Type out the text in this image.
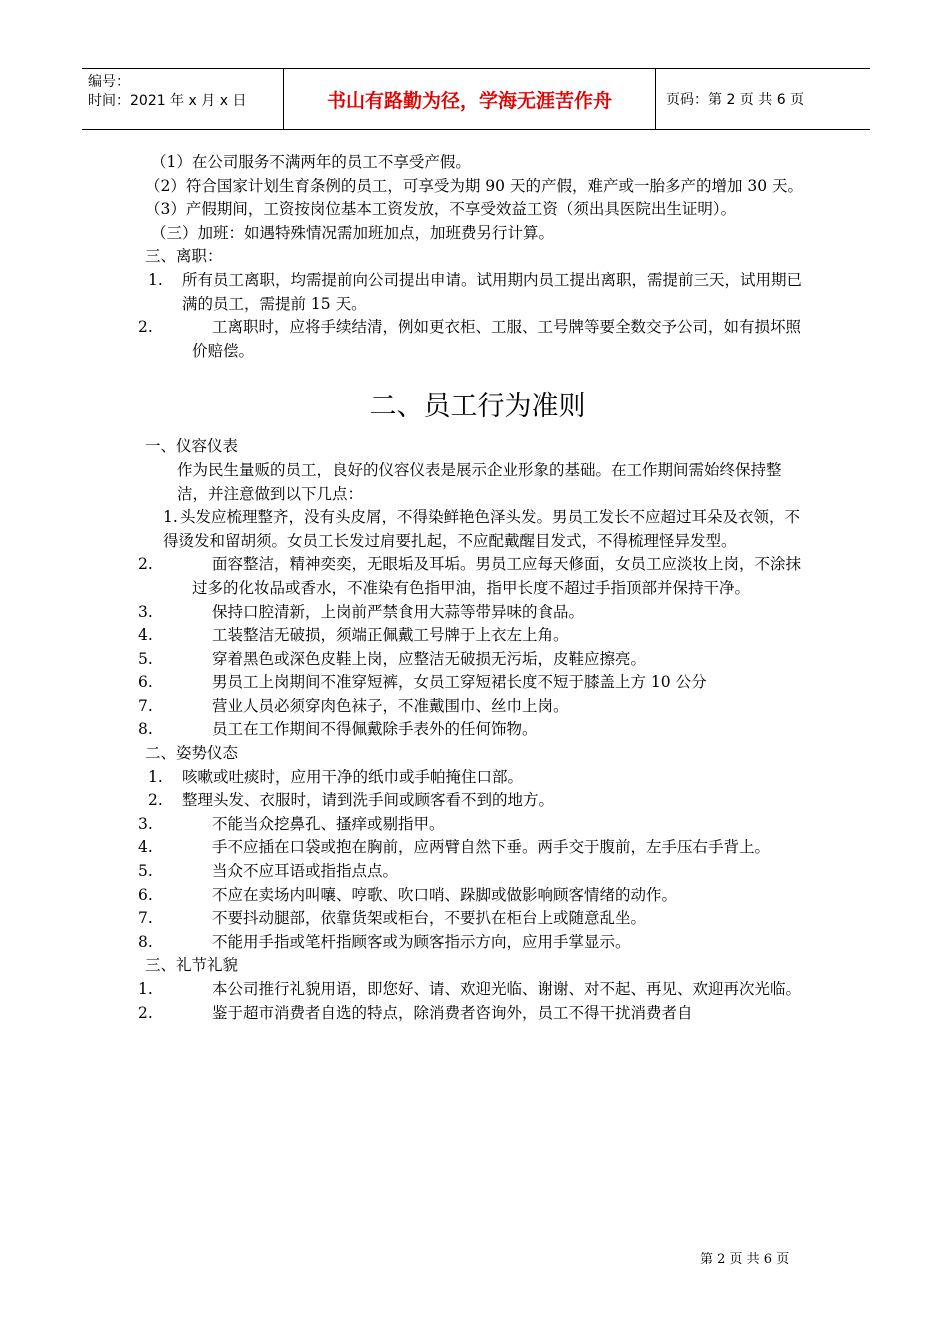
编号：
时间：2021 年 x 月 x 日	书山有路勤为径，学海无涯苦作舟	页码：第 2 页 共 6 页

（1）在公司服务不满两年的员工不享受产假。

（2）符合国家计划生育条例的员工，可享受为期 90 天的产假，难产或一胎多产的增加 30 天。

（3）产假期间，工资按岗位基本工资发放，不享受效益工资（须出具医院出生证明）。

（三）加班：如遇特殊情况需加班加点，加班费另行计算。

三、离职：

1. 所有员工离职，均需提前向公司提出申请。试用期内员工提出离职，需提前三天，试用期已满的员工，需提前 15 天。

2.	工离职时，应将手续结清，例如更衣柜、工服、工号牌等要全数交予公司，如有损坏照价赔偿。

二、员工行为准则

一、仪容仪表

作为民生量贩的员工，良好的仪容仪表是展示企业形象的基础。在工作期间需始终保持整洁，并注意做到以下几点：

1. 头发应梳理整齐，没有头皮屑，不得染鲜艳色泽头发。男员工发长不应超过耳朵及衣领，不得烫发和留胡须。女员工长发过肩要扎起，不应配戴醒目发式，不得梳理怪异发型。

2.	面容整洁，精神奕奕，无眼垢及耳垢。男员工应每天修面，女员工应淡妆上岗，不涂抹过多的化妆品或香水，不准染有色指甲油，指甲长度不超过手指顶部并保持干净。

3.	保持口腔清新，上岗前严禁食用大蒜等带异味的食品。

4.	工装整洁无破损，须端正佩戴工号牌于上衣左上角。

5.	穿着黑色或深色皮鞋上岗，应整洁无破损无污垢，皮鞋应擦亮。

6.	男员工上岗期间不准穿短裤，女员工穿短裙长度不短于膝盖上方 10 公分

7.	营业人员必须穿肉色袜子，不准戴围巾、丝巾上岗。

8.	员工在工作期间不得佩戴除手表外的任何饰物。

二、姿势仪态

1. 咳嗽或吐痰时，应用干净的纸巾或手帕掩住口部。

2. 整理头发、衣服时，请到洗手间或顾客看不到的地方。

3.	不能当众挖鼻孔、搔痒或剔指甲。

4.	手不应插在口袋或抱在胸前，应两臂自然下垂。两手交于腹前，左手压右手背上。

5.	当众不应耳语或指指点点。

6.	不应在卖场内叫嚷、哼歌、吹口哨、跺脚或做影响顾客情绪的动作。

7.	不要抖动腿部，依靠货架或柜台，不要扒在柜台上或随意乱坐。

8.	不能用手指或笔杆指顾客或为顾客指示方向，应用手掌显示。

三、礼节礼貌

1.	本公司推行礼貌用语，即您好、请、欢迎光临、谢谢、对不起、再见、欢迎再次光临。

2.	鉴于超市消费者自选的特点，除消费者咨询外，员工不得干扰消费者自

第 2 页 共 6 页
